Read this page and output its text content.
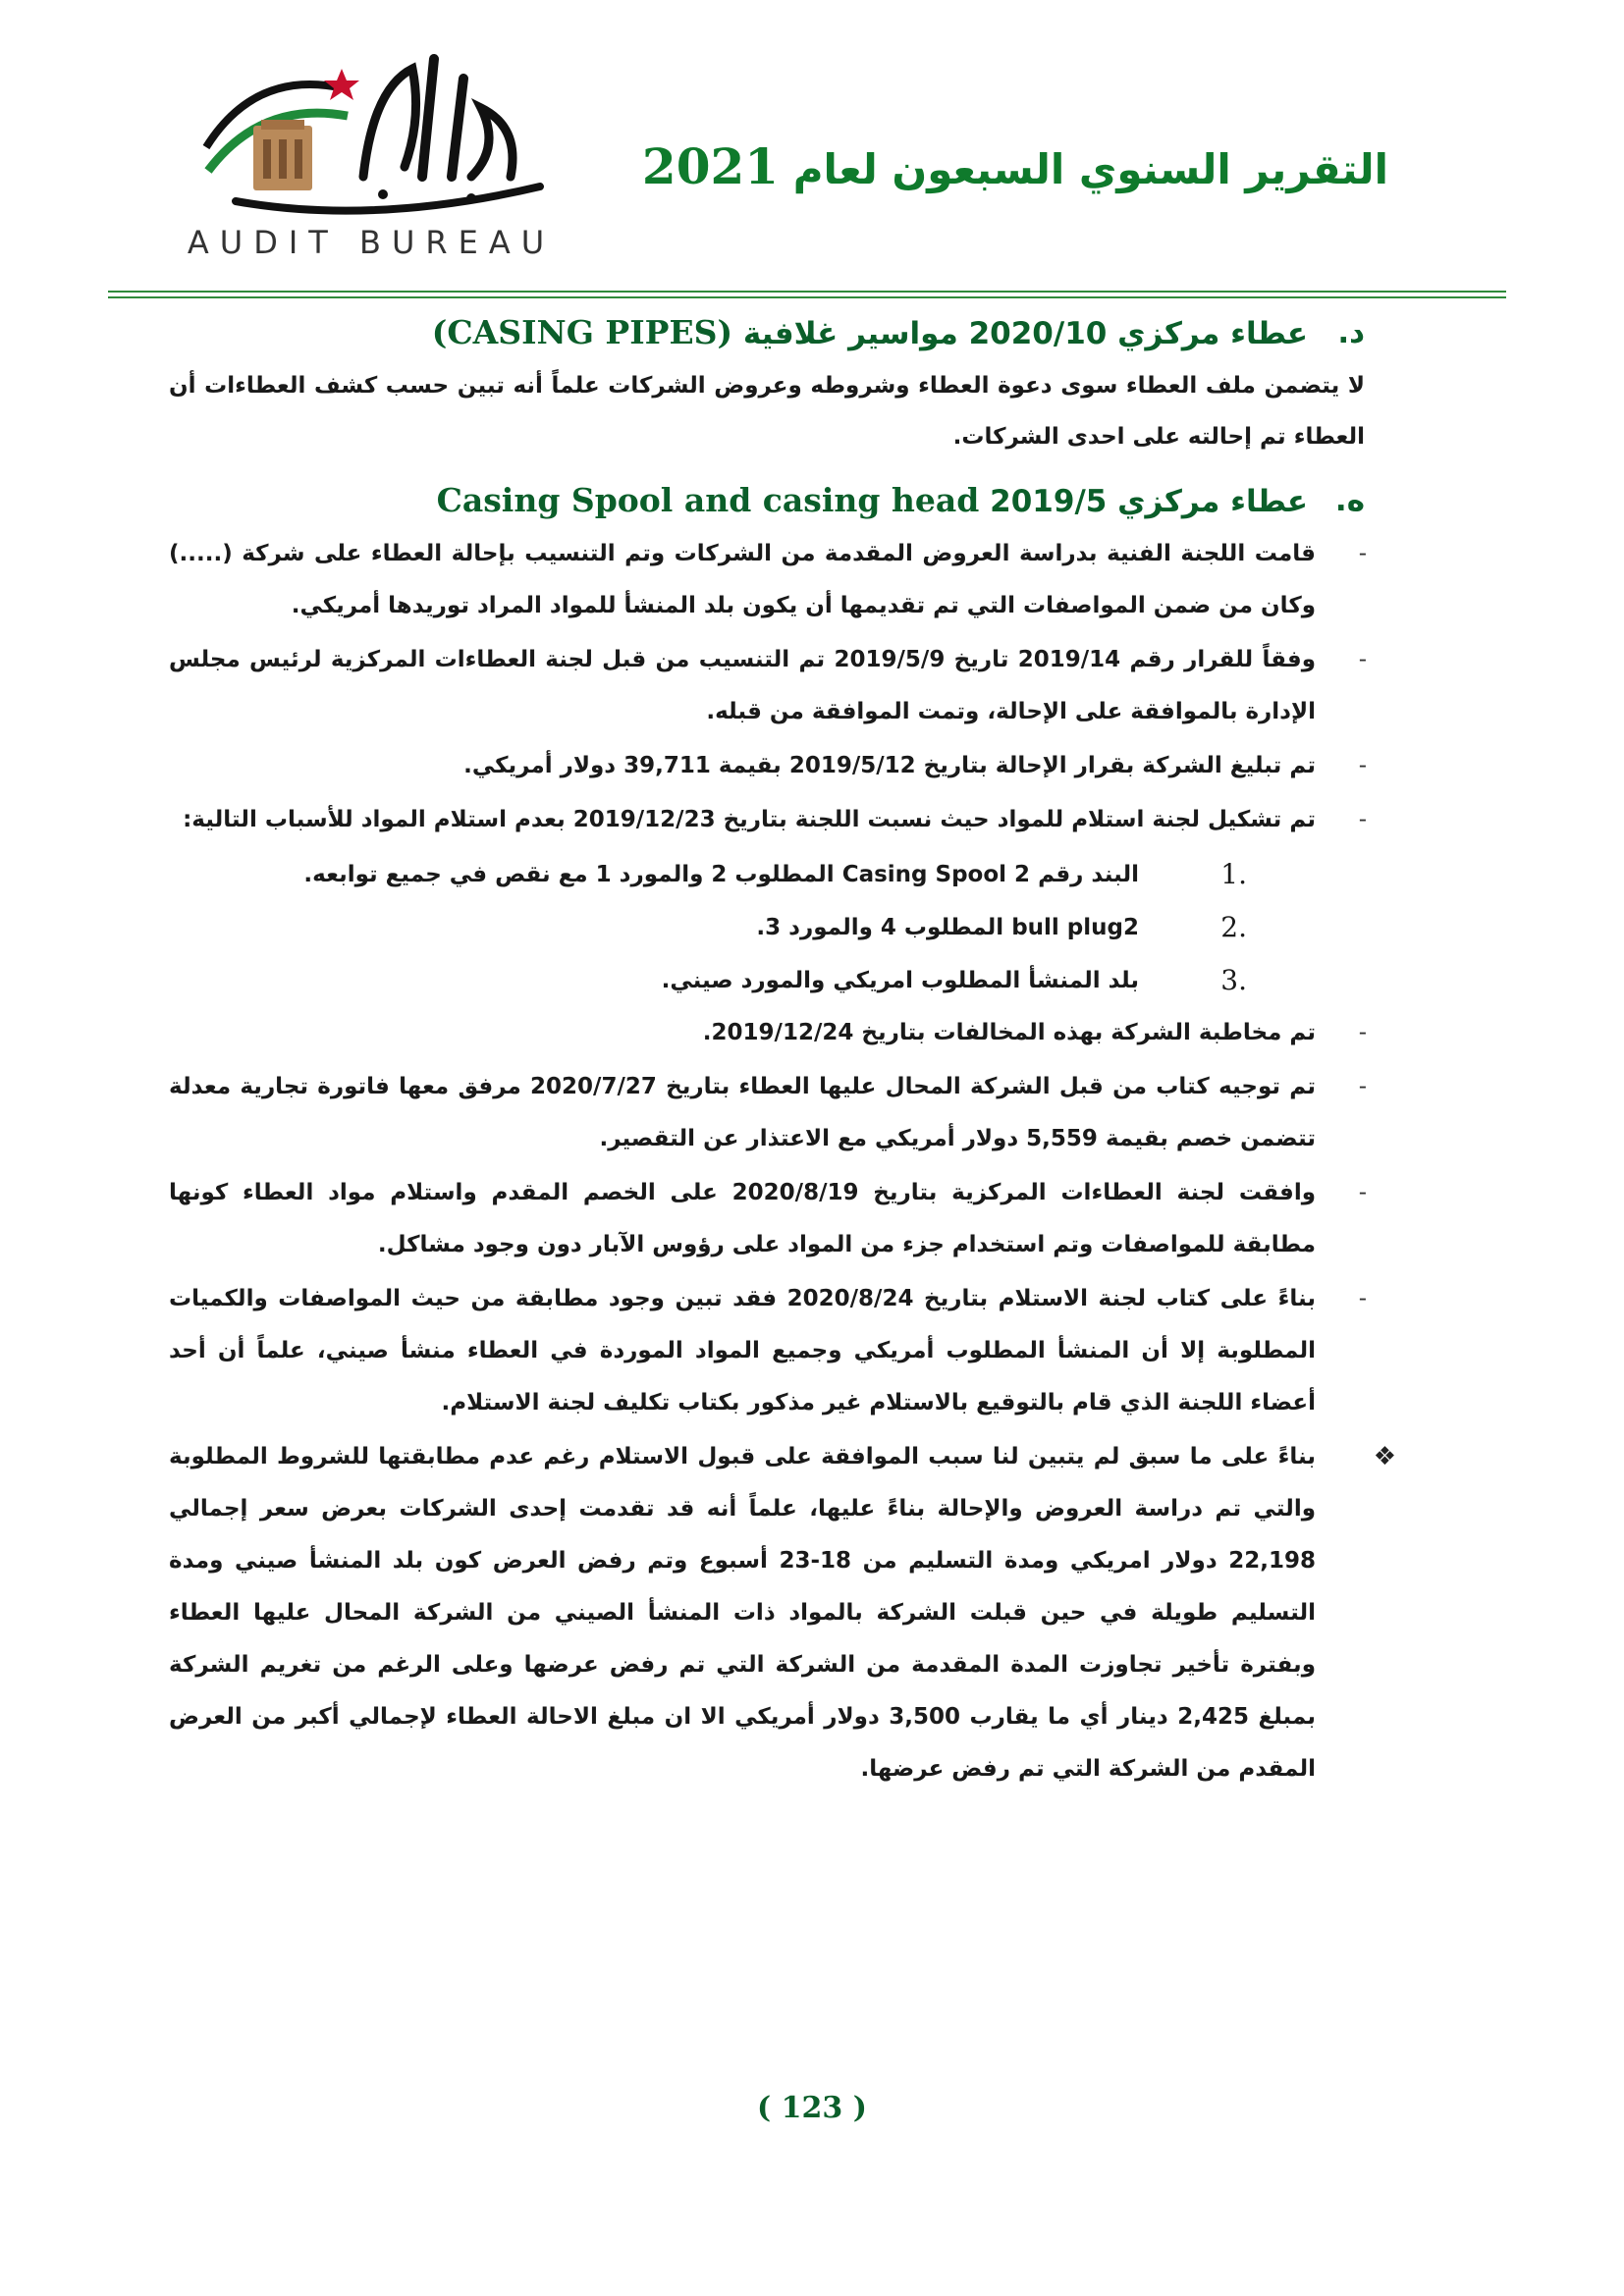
AUDIT BUREAU
التقرير السنوي السبعون لعام 2021
د.
عطاء مركزي 2020/10 مواسير غلافية (CASING PIPES)
لا يتضمن ملف العطاء سوى دعوة العطاء وشروطه وعروض الشركات علماً أنه تبين حسب كشف العطاءات أن العطاء تم إحالته على احدى الشركات.
ه.
عطاء مركزي 2019/5 Casing Spool and casing head
-
قامت اللجنة الفنية بدراسة العروض المقدمة من الشركات وتم التنسيب بإحالة العطاء على شركة (.....) وكان من ضمن المواصفات التي تم تقديمها أن يكون بلد المنشأ للمواد المراد توريدها أمريكي.
-
وفقاً للقرار رقم 2019/14 تاريخ 2019/5/9 تم التنسيب من قبل لجنة العطاءات المركزية لرئيس مجلس الإدارة بالموافقة على الإحالة، وتمت الموافقة من قبله.
-
تم تبليغ الشركة بقرار الإحالة بتاريخ 2019/5/12 بقيمة 39,711 دولار أمريكي.
-
تم تشكيل لجنة استلام للمواد حيث نسبت اللجنة بتاريخ 2019/12/23 بعدم استلام المواد للأسباب التالية:
1.
البند رقم 2 Casing Spool المطلوب 2 والمورد 1 مع نقص في جميع توابعه.
2.
bull plug2 المطلوب 4 والمورد 3.
3.
بلد المنشأ المطلوب امريكي والمورد صيني.
-
تم مخاطبة الشركة بهذه المخالفات بتاريخ 2019/12/24.
-
تم توجيه كتاب من قبل الشركة المحال عليها العطاء بتاريخ 2020/7/27 مرفق معها فاتورة تجارية معدلة تتضمن خصم بقيمة 5,559 دولار أمريكي مع الاعتذار عن التقصير.
-
وافقت لجنة العطاءات المركزية بتاريخ 2020/8/19 على الخصم المقدم واستلام مواد العطاء كونها مطابقة للمواصفات وتم استخدام جزء من المواد على رؤوس الآبار دون وجود مشاكل.
-
بناءً على كتاب لجنة الاستلام بتاريخ 2020/8/24 فقد تبين وجود مطابقة من حيث المواصفات والكميات المطلوبة إلا أن المنشأ المطلوب أمريكي وجميع المواد الموردة في العطاء منشأ صيني، علماً أن أحد أعضاء اللجنة الذي قام بالتوقيع بالاستلام غير مذكور بكتاب تكليف لجنة الاستلام.
❖
بناءً على ما سبق لم يتبين لنا سبب الموافقة على قبول الاستلام رغم عدم مطابقتها للشروط المطلوبة والتي تم دراسة العروض والإحالة بناءً عليها، علماً أنه قد تقدمت إحدى الشركات بعرض سعر إجمالي 22,198 دولار امريكي ومدة التسليم من 18-23 أسبوع وتم رفض العرض كون بلد المنشأ صيني ومدة التسليم طويلة في حين قبلت الشركة بالمواد ذات المنشأ الصيني من الشركة المحال عليها العطاء وبفترة تأخير تجاوزت المدة المقدمة من الشركة التي تم رفض عرضها وعلى الرغم من تغريم الشركة بمبلغ 2,425 دينار أي ما يقارب 3,500 دولار أمريكي الا ان مبلغ الاحالة العطاء لإجمالي أكبر من العرض المقدم من الشركة التي تم رفض عرضها.
( 123 )
